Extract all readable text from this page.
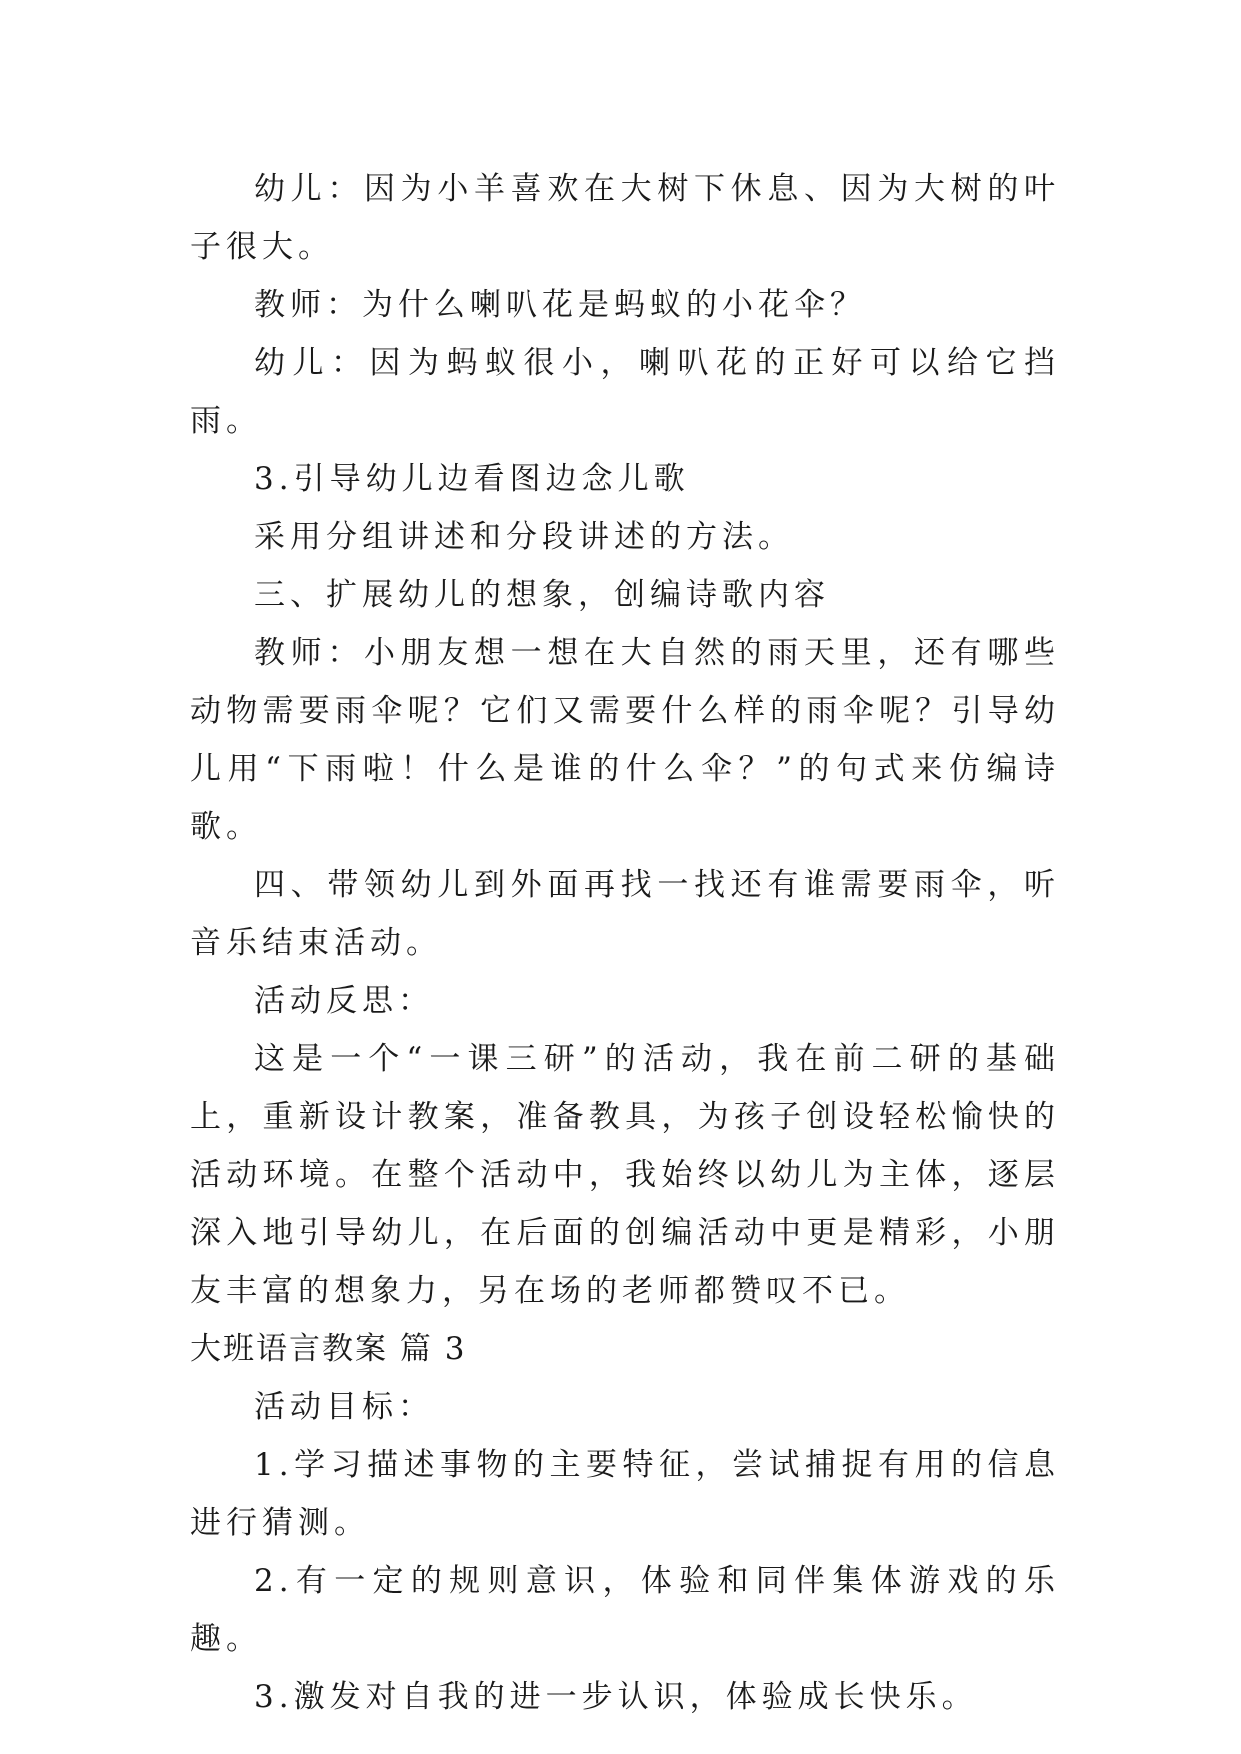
幼儿：因为小羊喜欢在大树下休息、因为大树的叶子很大。

教师：为什么喇叭花是蚂蚁的小花伞？

幼儿：因为蚂蚁很小，喇叭花的正好可以给它挡雨。

3.引导幼儿边看图边念儿歌

采用分组讲述和分段讲述的方法。

三、扩展幼儿的想象，创编诗歌内容

教师：小朋友想一想在大自然的雨天里，还有哪些动物需要雨伞呢？它们又需要什么样的雨伞呢？引导幼儿用“下雨啦！什么是谁的什么伞？”的句式来仿编诗歌。

四、带领幼儿到外面再找一找还有谁需要雨伞，听音乐结束活动。

活动反思：

这是一个“一课三研”的活动，我在前二研的基础上，重新设计教案，准备教具，为孩子创设轻松愉快的活动环境。在整个活动中，我始终以幼儿为主体，逐层深入地引导幼儿，在后面的创编活动中更是精彩，小朋友丰富的想象力，另在场的老师都赞叹不已。

大班语言教案 篇 3

活动目标：

1.学习描述事物的主要特征，尝试捕捉有用的信息进行猜测。

2.有一定的规则意识，体验和同伴集体游戏的乐趣。

3.激发对自我的进一步认识，体验成长快乐。
